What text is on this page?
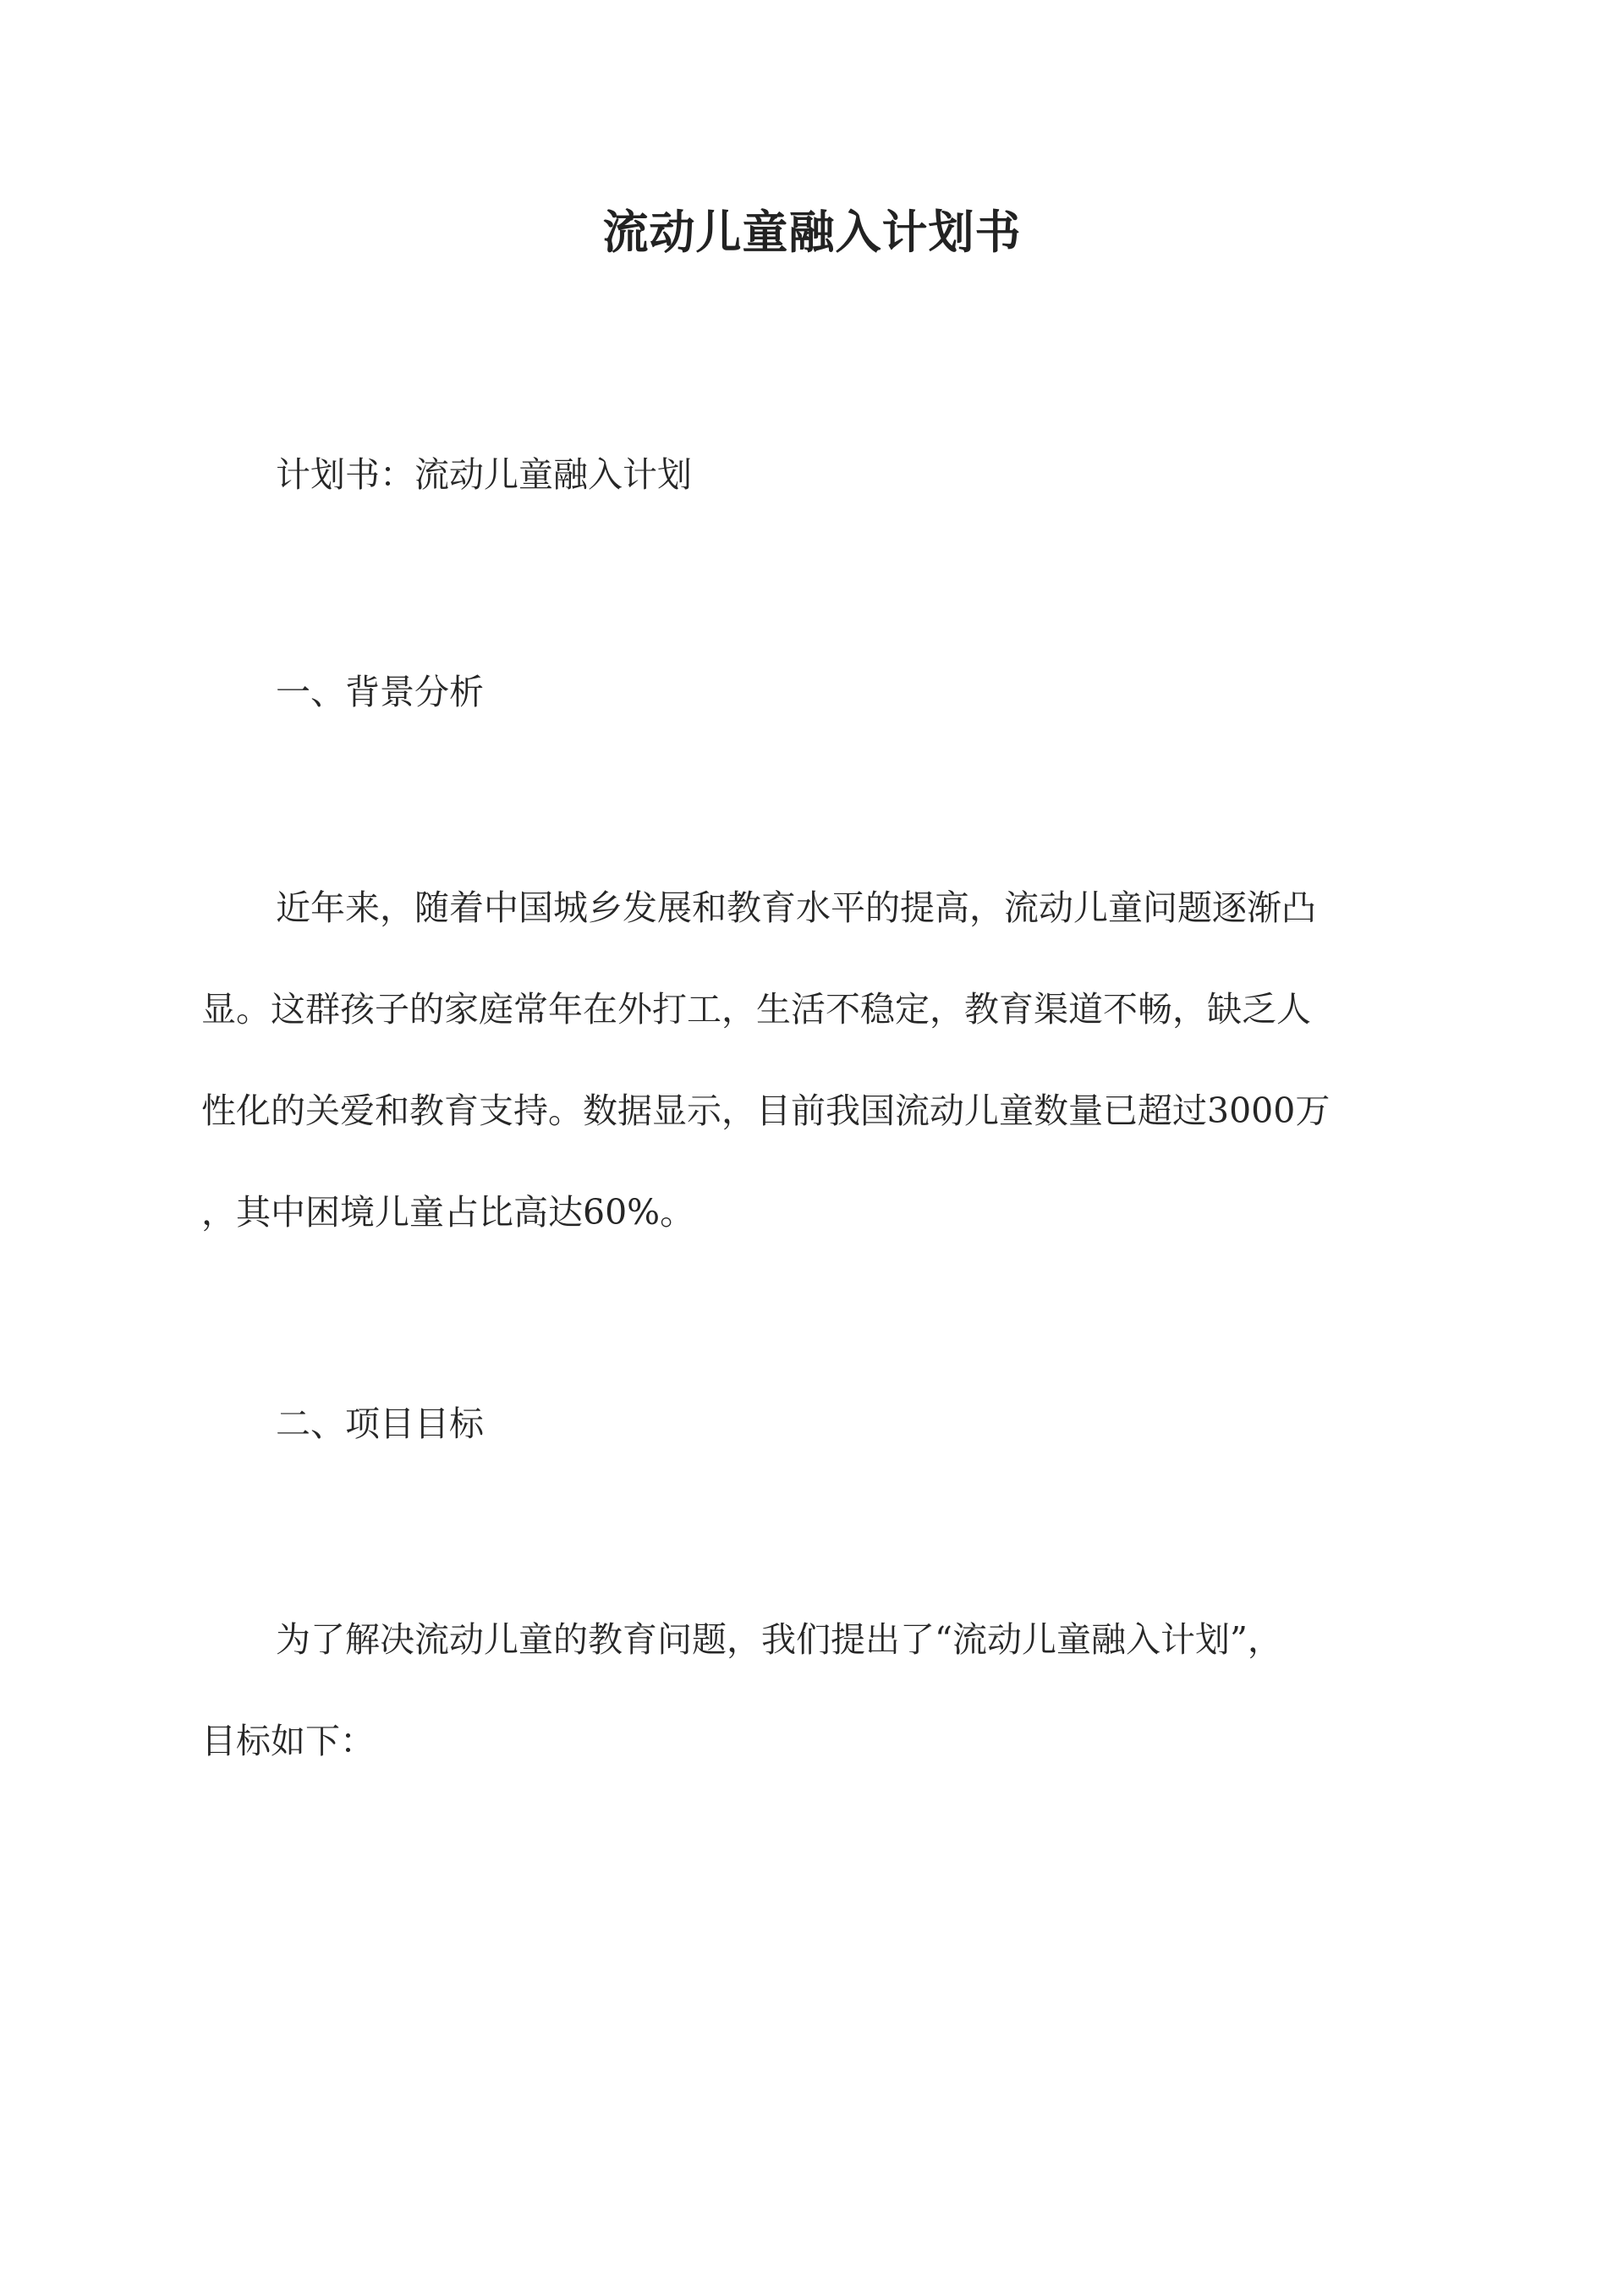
流动儿童融入计划书

计划书：流动儿童融入计划

一、背景分析

近年来，随着中国城乡发展和教育水平的提高，流动儿童问题逐渐凸

显。这群孩子的家庭常年在外打工，生活不稳定，教育渠道不畅，缺乏人

性化的关爱和教育支持。数据显示，目前我国流动儿童数量已超过3000万

，其中困境儿童占比高达60%。

二、项目目标

为了解决流动儿童的教育问题，我们提出了“流动儿童融入计划”，

目标如下：
